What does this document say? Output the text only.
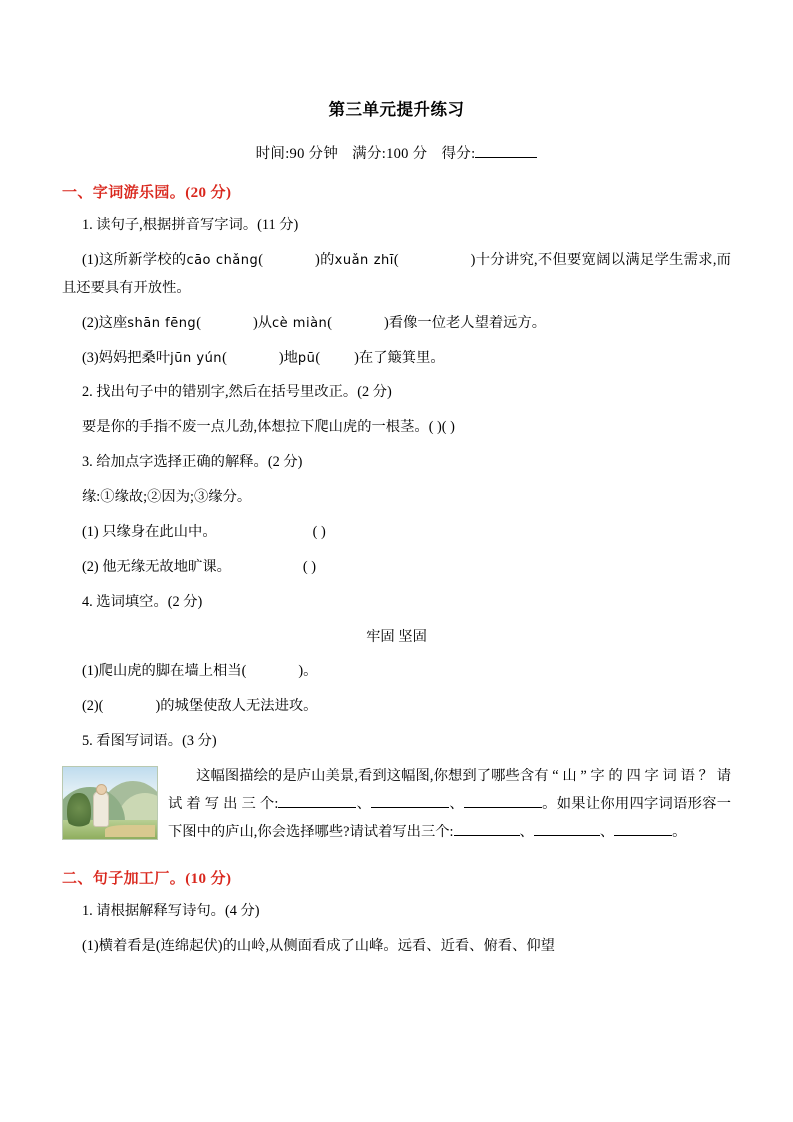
第三单元提升练习
时间:90 分钟 满分:100 分 得分:
一、字词游乐园。(20 分)

1. 读句子,根据拼音写字词。(11 分)

(1)这所新学校的cāo chǎng(	)的xuǎn zhī(	)十分讲究,不但要宽阔以满足学生需求,而且还要具有开放性。

(2)这座shān fēng(	)从cè miàn(	)看像一位老人望着远方。

(3)妈妈把桑叶jūn yún(	)地pū( )在了簸箕里。

2. 找出句子中的错别字,然后在括号里改正。(2 分)

要是你的手指不废一点儿劲,体想拉下爬山虎的一根茎。( )( )

3. 给加点字选择正确的解释。(2 分)

缘:①缘故;②因为;③缘分。

(1) 只缘身在此山中。	( )

(2) 他无缘无故地旷课。	( )

4. 选词填空。(2 分)

牢固 坚固

(1)爬山虎的脚在墙上相当(	)。

(2)(	)的城堡使敌人无法进攻。

5. 看图写词语。(3 分)

这幅图描绘的是庐山美景,看到这幅图,你想到了哪些含有 “ 山 ” 字 的 四 字 词 语 ？ 请 试 着 写 出 三 个:	、	、	。如果让你用四字词语形容一下图中的庐山,你会选择哪些?请试着写出三个:	、	、	。
二、句子加工厂。(10 分)

1. 请根据解释写诗句。(4 分)

(1)横着看是(连绵起伏)的山岭,从侧面看成了山峰。远看、近看、俯看、仰望
